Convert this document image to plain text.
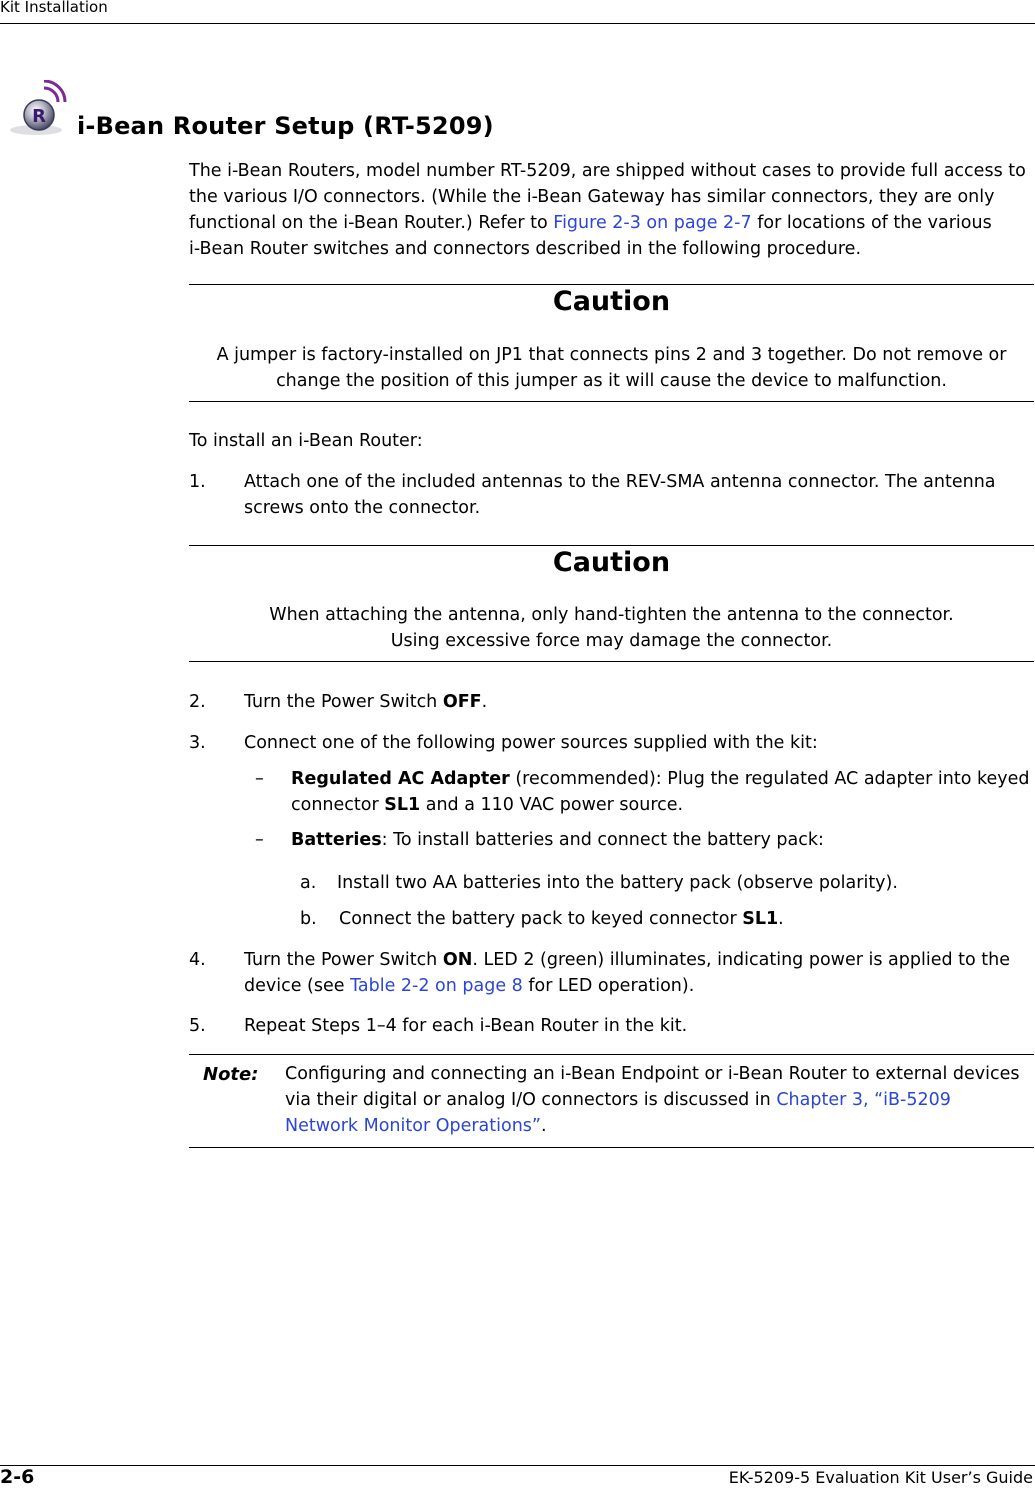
Kit Installation
R i-Bean Router Setup (RT-5209)
The i-Bean Routers, model number RT-5209, are shipped without cases to provide full access to
the various I/O connectors. (While the i-Bean Gateway has similar connectors, they are only
functional on the i-Bean Router.) Refer to Figure 2-3 on page 2-7 for locations of the various
i-Bean Router switches and connectors described in the following procedure.
Caution
A jumper is factory-installed on JP1 that connects pins 2 and 3 together. Do not remove or
change the position of this jumper as it will cause the device to malfunction.
To install an i-Bean Router:
1. Attach one of the included antennas to the REV-SMA antenna connector. The antenna
screws onto the connector.
Caution
When attaching the antenna, only hand-tighten the antenna to the connector.
Using excessive force may damage the connector.
2. Turn the Power Switch OFF.
3. Connect one of the following power sources supplied with the kit:
– Regulated AC Adapter (recommended): Plug the regulated AC adapter into keyed
connector SL1 and a 110 VAC power source.
– Batteries: To install batteries and connect the battery pack:
a. Install two AA batteries into the battery pack (observe polarity).
b. Connect the battery pack to keyed connector SL1.
4. Turn the Power Switch ON. LED 2 (green) illuminates, indicating power is applied to the
device (see Table 2-2 on page 8 for LED operation).
5. Repeat Steps 1–4 for each i-Bean Router in the kit.
Note: Configuring and connecting an i-Bean Endpoint or i-Bean Router to external devices
via their digital or analog I/O connectors is discussed in Chapter 3, “iB-5209
Network Monitor Operations”.
2-6	EK-5209-5 Evaluation Kit User’s Guide
